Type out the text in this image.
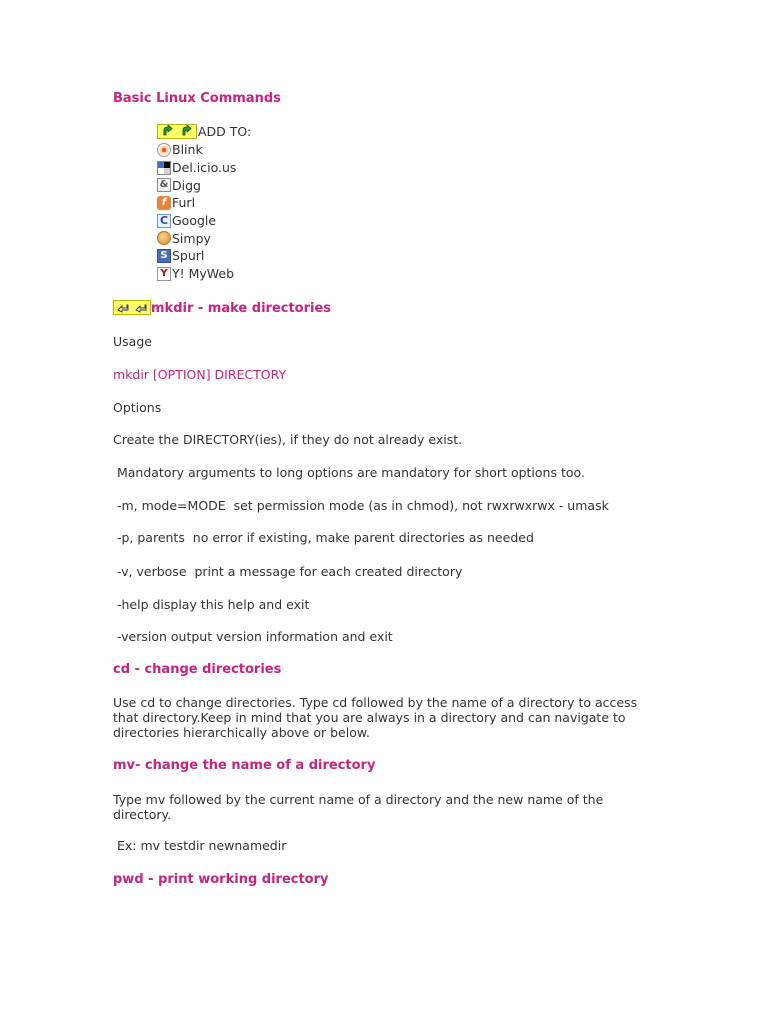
Basic Linux Commands
ADD TO:
Blink
Del.icio.us
& Digg
f Furl
C Google
Simpy
S Spurl
Y Y! MyWeb
mkdir - make directories
Usage
mkdir [OPTION] DIRECTORY
Options
Create the DIRECTORY(ies), if they do not already exist.
Mandatory arguments to long options are mandatory for short options too.
-m, mode=MODE  set permission mode (as in chmod), not rwxrwxrwx - umask
-p, parents  no error if existing, make parent directories as needed
-v, verbose  print a message for each created directory
-help display this help and exit
-version output version information and exit
cd - change directories
Use cd to change directories. Type cd followed by the name of a directory to access that directory.Keep in mind that you are always in a directory and can navigate to directories hierarchically above or below.
mv- change the name of a directory
Type mv followed by the current name of a directory and the new name of the directory.
Ex: mv testdir newnamedir
pwd - print working directory
